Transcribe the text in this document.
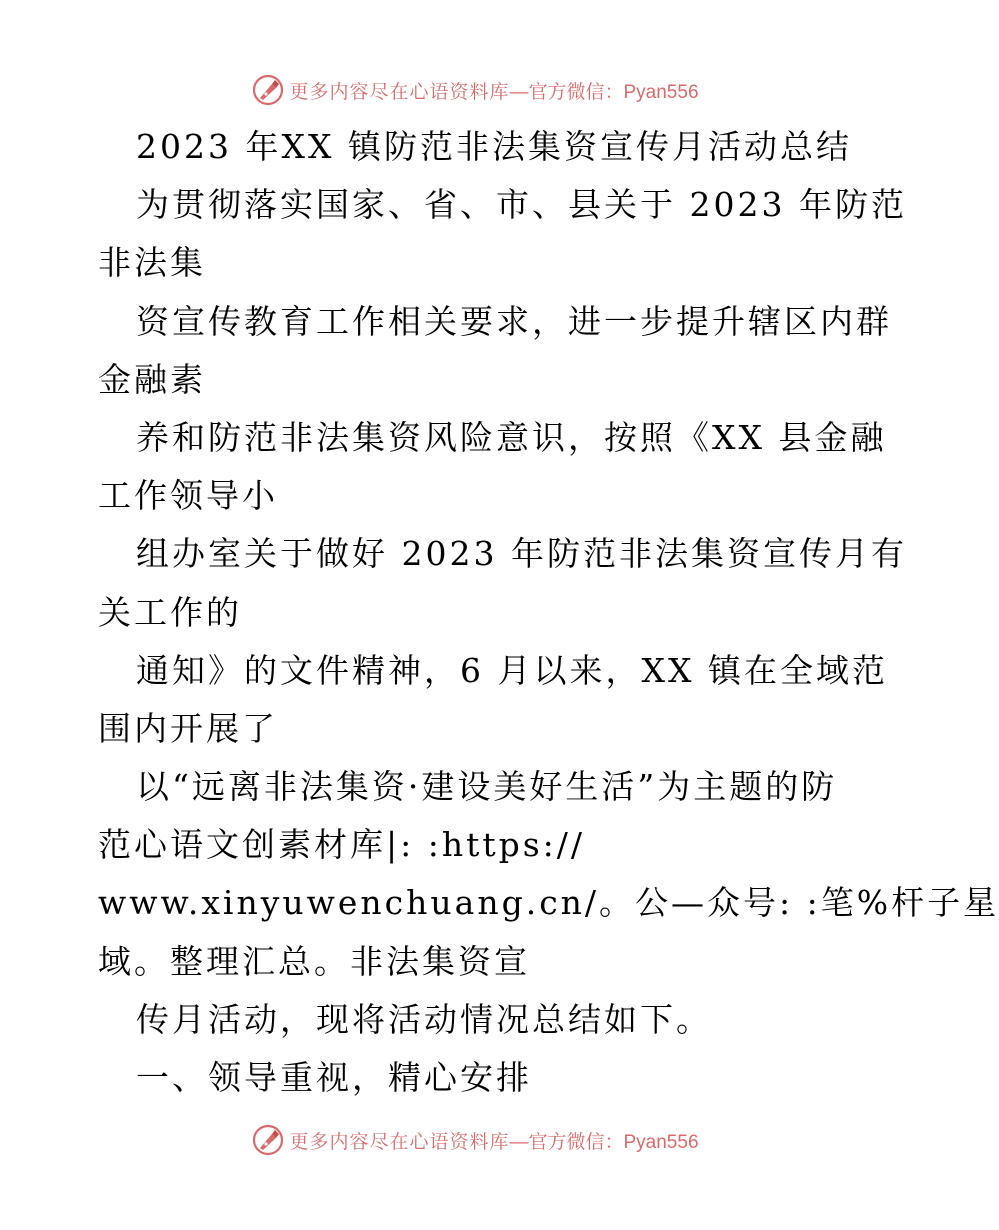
更多内容尽在心语资料库 —官方微信：Pyan556
2023 年XX 镇防范非法集资宣传月活动总结
为贯彻落实国家、省、市、县关于 2023 年防范
非法集
资宣传教育工作相关要求，进一步提升辖区内群
金融素
养和防范非法集资风险意识，按照《XX 县金融
工作领导小
组办室关于做好 2023 年防范非法集资宣传月有
关工作的
通知》的文件精神，6 月以来，XX 镇在全域范
围内开展了
以“远离非法集资·建设美好生活”为主题的防
范心语文创素材库|: :https://
www.xinyuwenchuang.cn/。公—众号: :笔%杆子星
域。整理汇总。非法集资宣
传月活动，现将活动情况总结如下。
一、领导重视，精心安排
更多内容尽在心语资料库 —官方微信：Pyan556
